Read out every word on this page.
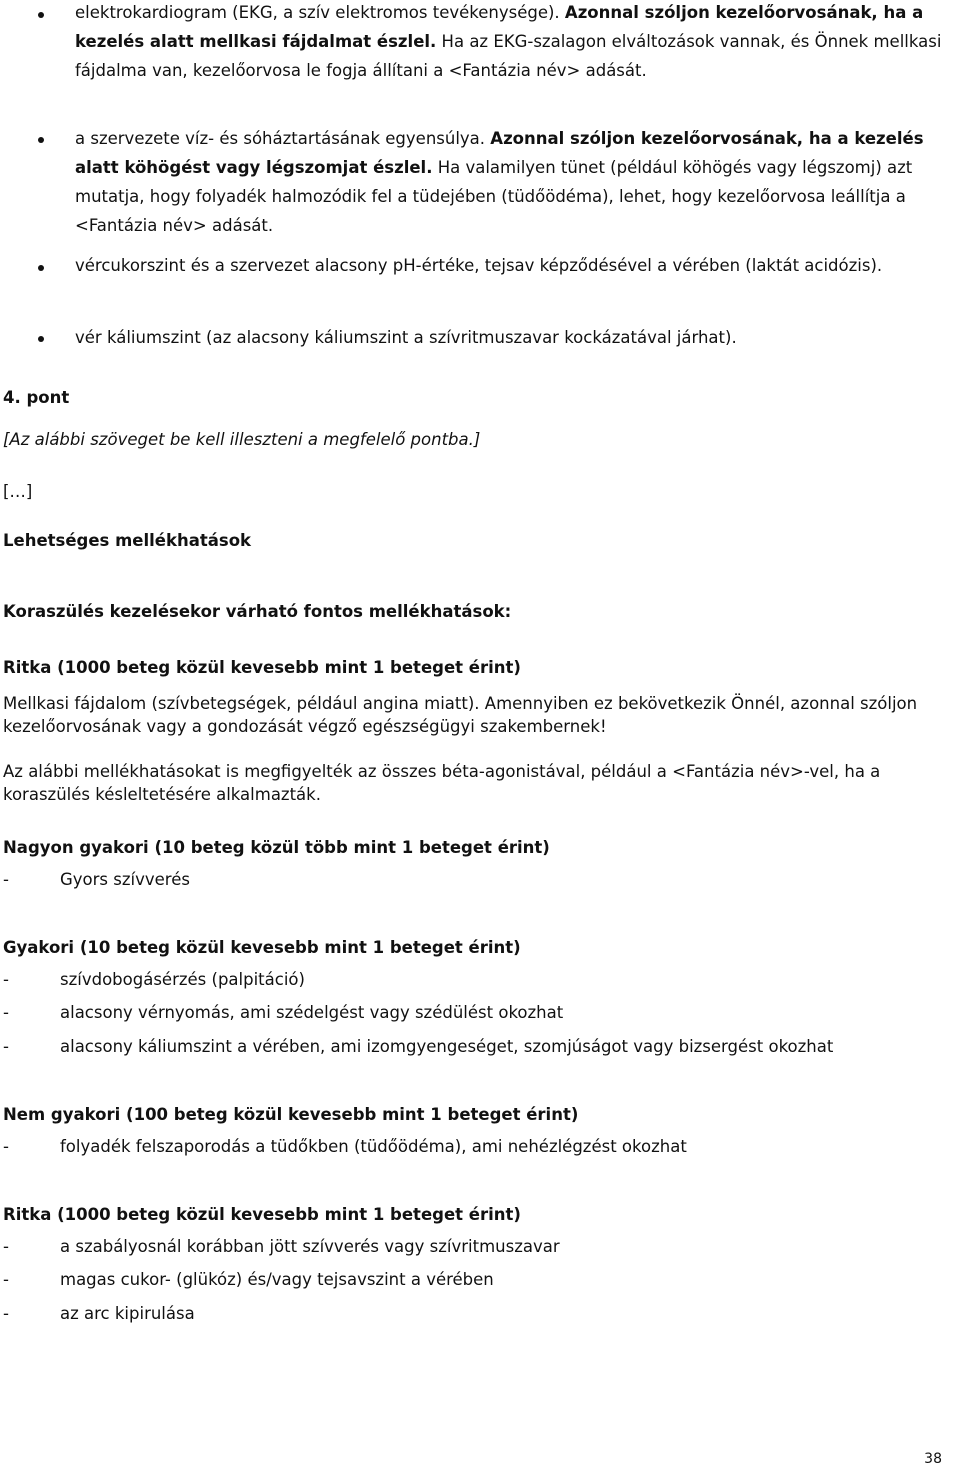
elektrokardiogram (EKG, a szív elektromos tevékenysége). Azonnal szóljon kezelőorvosának, ha a kezelés alatt mellkasi fájdalmat észlel. Ha az EKG-szalagon elváltozások vannak, és Önnek mellkasi fájdalma van, kezelőorvosa le fogja állítani a <Fantázia név> adását.
a szervezete víz- és sóháztartásának egyensúlya. Azonnal szóljon kezelőorvosának, ha a kezelés alatt köhögést vagy légszomjat észlel. Ha valamilyen tünet (például köhögés vagy légszomj) azt mutatja, hogy folyadék halmozódik fel a tüdejében (tüdőödéma), lehet, hogy kezelőorvosa leállítja a <Fantázia név> adását.
vércukorszint és a szervezet alacsony pH-értéke, tejsav képződésével a vérében (laktát acidózis).
vér káliumszint (az alacsony káliumszint a szívritmuszavar kockázatával járhat).
4. pont
[Az alábbi szöveget be kell illeszteni a megfelelő pontba.]
[…]
Lehetséges mellékhatások
Koraszülés kezelésekor várható fontos mellékhatások:
Ritka (1000 beteg közül kevesebb mint 1 beteget érint)
Mellkasi fájdalom (szívbetegségek, például angina miatt). Amennyiben ez bekövetkezik Önnél, azonnal szóljon kezelőorvosának vagy a gondozását végző egészségügyi szakembernek!
Az alábbi mellékhatásokat is megfigyelték az összes béta-agonistával, például a <Fantázia név>-vel, ha a koraszülés késleltetésére alkalmazták.
Nagyon gyakori (10 beteg közül több mint 1 beteget érint)
-	Gyors szívverés
Gyakori (10 beteg közül kevesebb mint 1 beteget érint)
-	szívdobogásérzés (palpitáció)
-	alacsony vérnyomás, ami szédelgést vagy szédülést okozhat
-	alacsony káliumszint a vérében, ami izomgyengeséget, szomjúságot vagy bizsergést okozhat
Nem gyakori (100 beteg közül kevesebb mint 1 beteget érint)
-	folyadék felszaporodás a tüdőkben (tüdőödéma), ami nehézlégzést okozhat
Ritka (1000 beteg közül kevesebb mint 1 beteget érint)
-	a szabályosnál korábban jött szívverés vagy szívritmuszavar
-	magas cukor- (glükóz) és/vagy tejsavszint a vérében
-	az arc kipirulása
38
